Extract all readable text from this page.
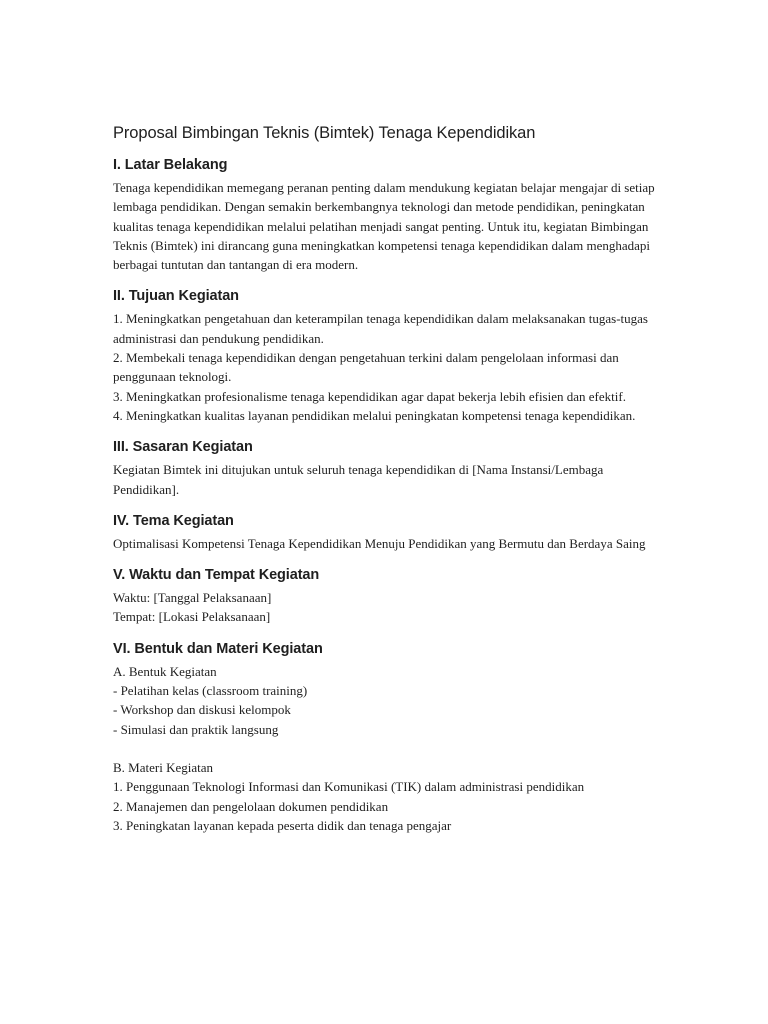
Proposal Bimbingan Teknis (Bimtek) Tenaga Kependidikan
I. Latar Belakang

Tenaga kependidikan memegang peranan penting dalam mendukung kegiatan belajar mengajar di setiap lembaga pendidikan. Dengan semakin berkembangnya teknologi dan metode pendidikan, peningkatan kualitas tenaga kependidikan melalui pelatihan menjadi sangat penting. Untuk itu, kegiatan Bimbingan Teknis (Bimtek) ini dirancang guna meningkatkan kompetensi tenaga kependidikan dalam menghadapi berbagai tuntutan dan tantangan di era modern.

II. Tujuan Kegiatan

1. Meningkatkan pengetahuan dan keterampilan tenaga kependidikan dalam melaksanakan tugas-tugas administrasi dan pendukung pendidikan.
2. Membekali tenaga kependidikan dengan pengetahuan terkini dalam pengelolaan informasi dan penggunaan teknologi.
3. Meningkatkan profesionalisme tenaga kependidikan agar dapat bekerja lebih efisien dan efektif.
4. Meningkatkan kualitas layanan pendidikan melalui peningkatan kompetensi tenaga kependidikan.

III. Sasaran Kegiatan

Kegiatan Bimtek ini ditujukan untuk seluruh tenaga kependidikan di [Nama Instansi/Lembaga Pendidikan].

IV. Tema Kegiatan

Optimalisasi Kompetensi Tenaga Kependidikan Menuju Pendidikan yang Bermutu dan Berdaya Saing

V. Waktu dan Tempat Kegiatan

Waktu: [Tanggal Pelaksanaan]
Tempat: [Lokasi Pelaksanaan]

VI. Bentuk dan Materi Kegiatan

A. Bentuk Kegiatan
- Pelatihan kelas (classroom training)
- Workshop dan diskusi kelompok
- Simulasi dan praktik langsung

B. Materi Kegiatan
1. Penggunaan Teknologi Informasi dan Komunikasi (TIK) dalam administrasi pendidikan
2. Manajemen dan pengelolaan dokumen pendidikan
3. Peningkatan layanan kepada peserta didik dan tenaga pengajar
